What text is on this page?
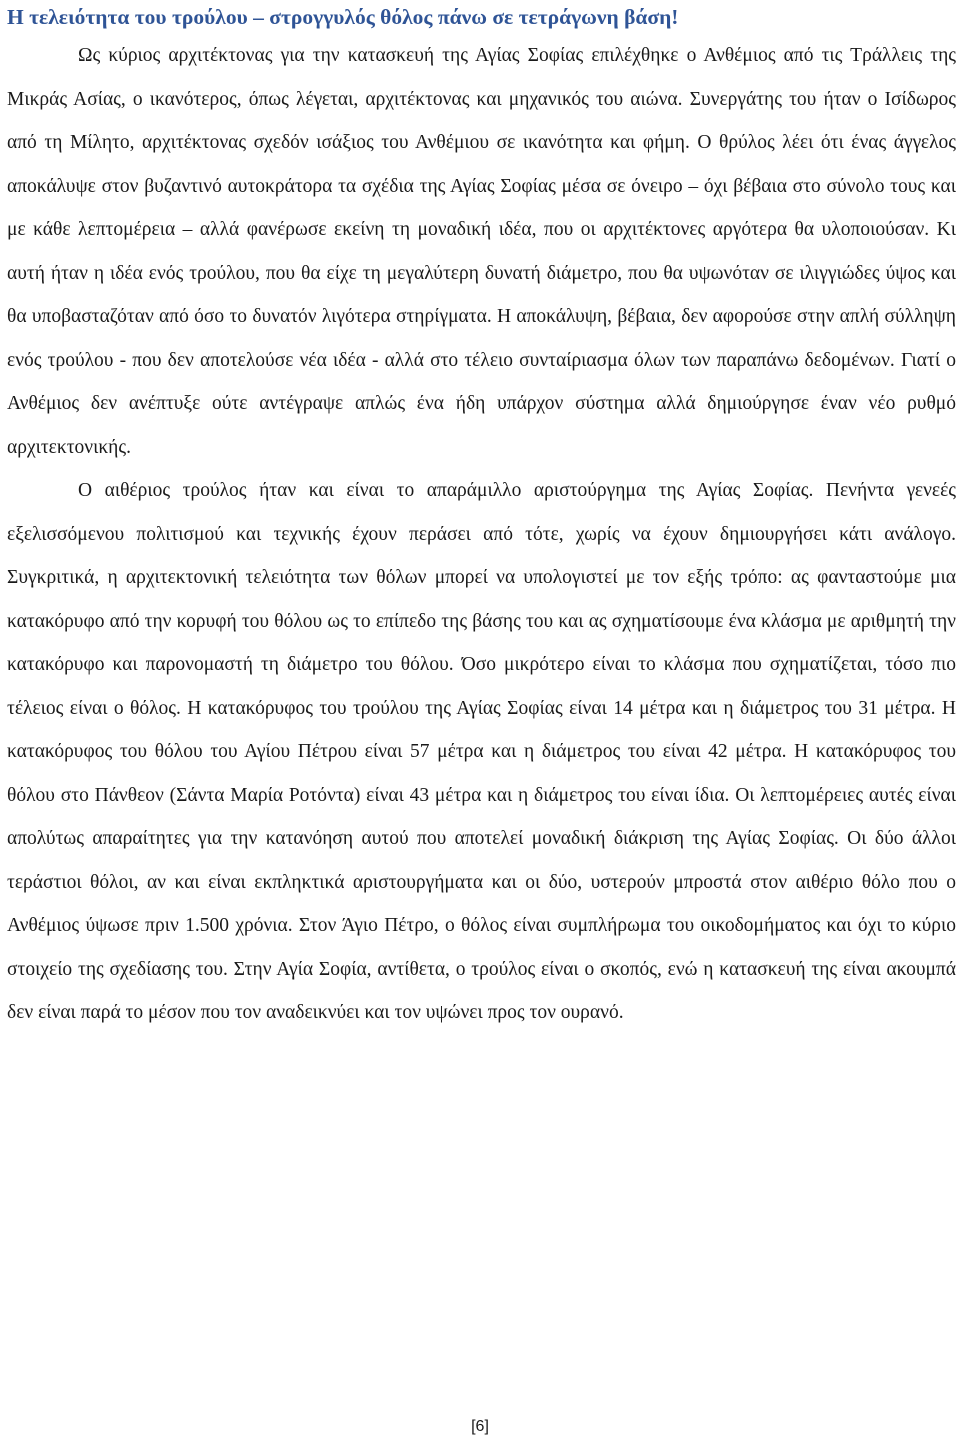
Η τελειότητα του τρούλου – στρογγυλός θόλος πάνω σε τετράγωνη βάση!

Ως κύριος αρχιτέκτονας για την κατασκευή της Αγίας Σοφίας επιλέχθηκε ο Ανθέμιος από τις Τράλλεις της Μικράς Ασίας, ο ικανότερος, όπως λέγεται, αρχιτέκτονας και μηχανικός του αιώνα. Συνεργάτης του ήταν ο Ισίδωρος από τη Μίλητο, αρχιτέκτονας σχεδόν ισάξιος του Ανθέμιου σε ικανότητα και φήμη. Ο θρύλος λέει ότι ένας άγγελος αποκάλυψε στον βυζαντινό αυτοκράτορα τα σχέδια της Αγίας Σοφίας μέσα σε όνειρο – όχι βέβαια στο σύνολο τους και με κάθε λεπτομέρεια – αλλά φανέρωσε εκείνη τη μοναδική ιδέα, που οι αρχιτέκτονες αργότερα θα υλοποιούσαν. Κι αυτή ήταν η ιδέα ενός τρούλου, που θα είχε τη μεγαλύτερη δυνατή διάμετρο, που θα υψωνόταν σε ιλιγγιώδες ύψος και θα υποβασταζόταν από όσο το δυνατόν λιγότερα στηρίγματα. Η αποκάλυψη, βέβαια, δεν αφορούσε στην απλή σύλληψη ενός τρούλου - που δεν αποτελούσε νέα ιδέα - αλλά στο τέλειο συνταίριασμα όλων των παραπάνω δεδομένων. Γιατί ο Ανθέμιος δεν ανέπτυξε ούτε αντέγραψε απλώς ένα ήδη υπάρχον σύστημα αλλά δημιούργησε έναν νέο ρυθμό αρχιτεκτονικής.

Ο αιθέριος τρούλος ήταν και είναι το απαράμιλλο αριστούργημα της Αγίας Σοφίας. Πενήντα γενεές εξελισσόμενου πολιτισμού και τεχνικής έχουν περάσει από τότε, χωρίς να έχουν δημιουργήσει κάτι ανάλογο. Συγκριτικά, η αρχιτεκτονική τελειότητα των θόλων μπορεί να υπολογιστεί με τον εξής τρόπο: ας φανταστούμε μια κατακόρυφο από την κορυφή του θόλου ως το επίπεδο της βάσης του και ας σχηματίσουμε ένα κλάσμα με αριθμητή την κατακόρυφο και παρονομαστή τη διάμετρο του θόλου. Όσο μικρότερο είναι το κλάσμα που σχηματίζεται, τόσο πιο τέλειος είναι ο θόλος. Η κατακόρυφος του τρούλου της Αγίας Σοφίας είναι 14 μέτρα και η διάμετρος του 31 μέτρα. Η κατακόρυφος του θόλου του Αγίου Πέτρου είναι 57 μέτρα και η διάμετρος του είναι 42 μέτρα. Η κατακόρυφος του θόλου στο Πάνθεον (Σάντα Μαρία Ροτόντα) είναι 43 μέτρα και η διάμετρος του είναι ίδια. Οι λεπτομέρειες αυτές είναι απολύτως απαραίτητες για την κατανόηση αυτού που αποτελεί μοναδική διάκριση της Αγίας Σοφίας. Οι δύο άλλοι τεράστιοι θόλοι, αν και είναι εκπληκτικά αριστουργήματα και οι δύο, υστερούν μπροστά στον αιθέριο θόλο που ο Ανθέμιος ύψωσε πριν 1.500 χρόνια. Στον Άγιο Πέτρο, ο θόλος είναι συμπλήρωμα του οικοδομήματος και όχι το κύριο στοιχείο της σχεδίασης του. Στην Αγία Σοφία, αντίθετα, ο τρούλος είναι ο σκοπός, ενώ η κατασκευή της είναι ακουμπά δεν είναι παρά το μέσον που τον αναδεικνύει και τον υψώνει προς τον ουρανό.

[6]
